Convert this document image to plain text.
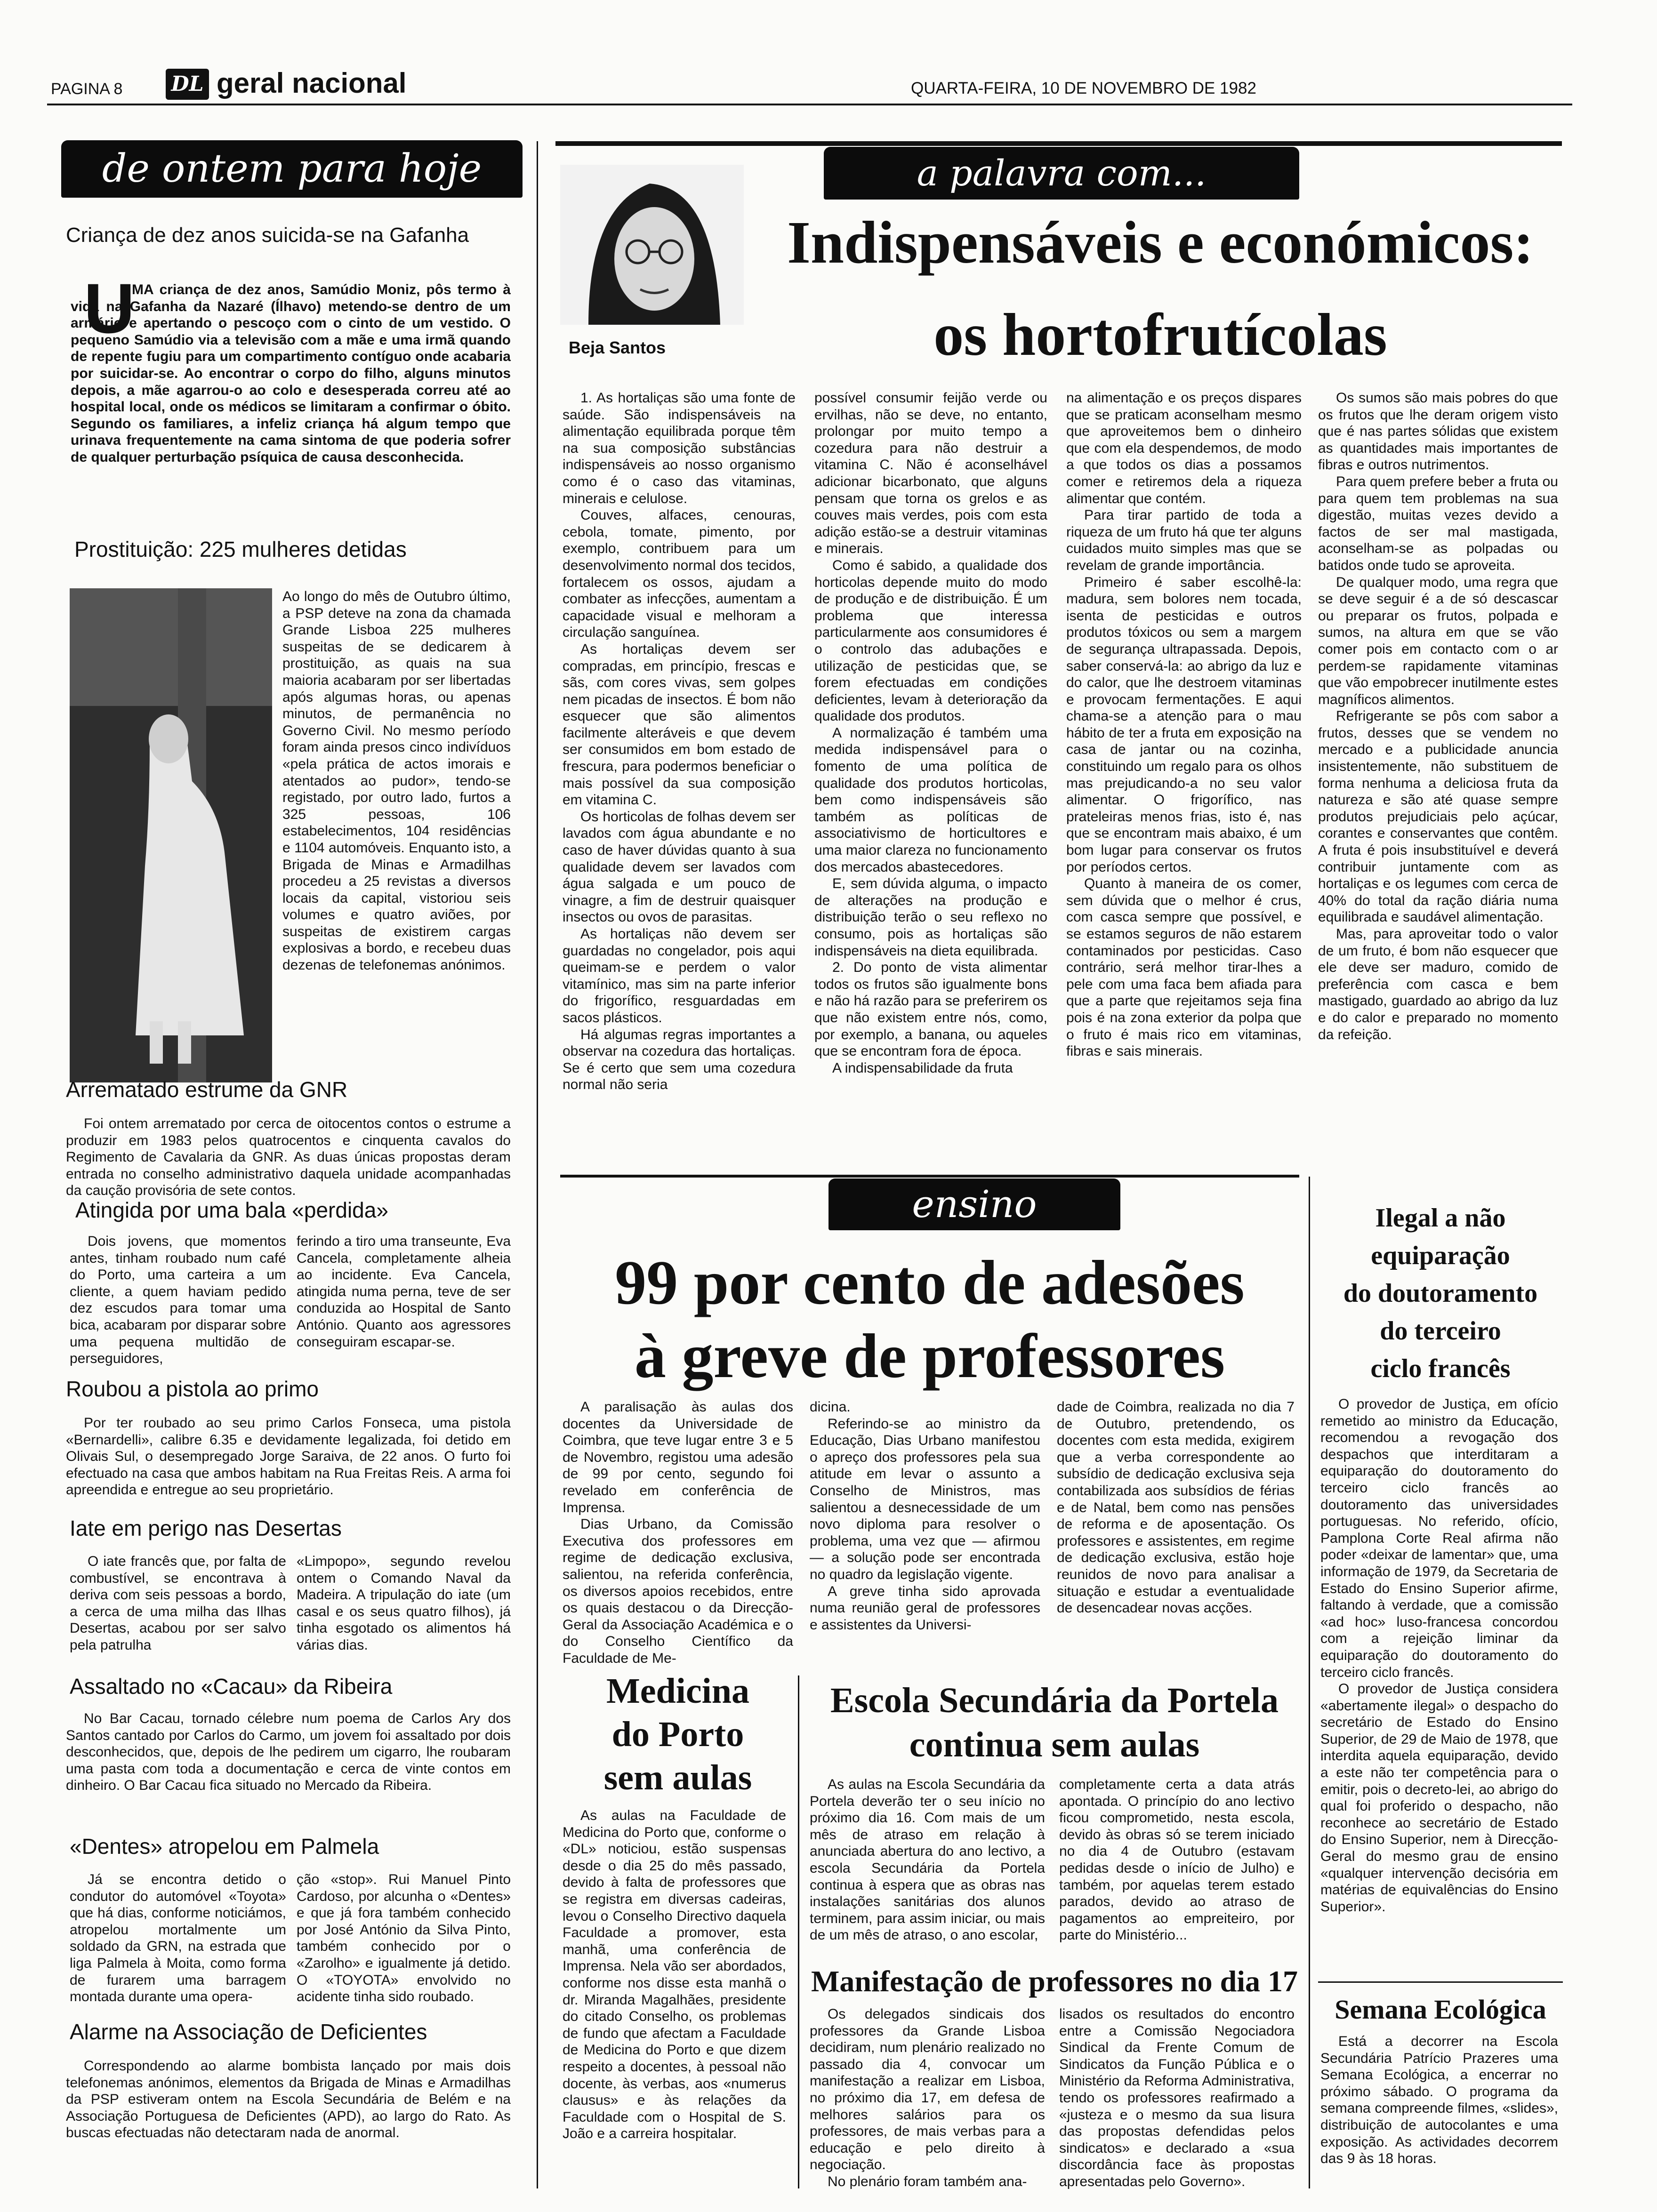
PAGINA 8 DL geral nacional	QUARTA-FEIRA, 10 DE NOVEMBRO DE 1982
de ontem para hoje
Criança de dez anos suicida-se na Gafanha
U
MA criança de dez anos, Samúdio Moniz, pôs termo à vida na Gafanha da Nazaré (Ílhavo) metendo-se dentro de um armário e apertando o pescoço com o cinto de um vestido. O pequeno Samúdio via a televisão com a mãe e uma irmã quando de repente fugiu para um compartimento contíguo onde acabaria por suicidar-se. Ao encontrar o corpo do filho, alguns minutos depois, a mãe agarrou-o ao colo e desesperada correu até ao hospital local, onde os médicos se limitaram a confirmar o óbito. Segundo os familiares, a infeliz criança há algum tempo que urinava frequentemente na cama sintoma de que poderia sofrer de qualquer perturbação psíquica de causa desconhecida.
Prostituição: 225 mulheres detidas

Ao longo do mês de Outubro último, a PSP deteve na zona da chamada Grande Lisboa 225 mulheres suspeitas de se dedicarem à prostituição, as quais na sua maioria acabaram por ser libertadas após algumas horas, ou apenas minutos, de permanência no Governo Civil. No mesmo período foram ainda presos cinco indivíduos «pela prática de actos imorais e atentados ao pudor», tendo-se registado, por outro lado, furtos a 325 pessoas, 106 estabelecimentos, 104 residências e 1104 automóveis. Enquanto isto, a Brigada de Minas e Armadilhas procedeu a 25 revistas a diversos locais da capital, vistoriou seis volumes e quatro aviões, por suspeitas de existirem cargas explosivas a bordo, e recebeu duas dezenas de telefonemas anónimos.

Arrematado estrume da GNR

Foi ontem arrematado por cerca de oitocentos contos o estrume a produzir em 1983 pelos quatrocentos e cinquenta cavalos do Regimento de Cavalaria da GNR. As duas únicas propostas deram entrada no conselho administrativo daquela unidade acompanhadas da caução provisória de sete contos.

Atingida por uma bala «perdida»

Dois jovens, que momentos antes, tinham roubado num café do Porto, uma carteira a um cliente, a quem haviam pedido dez escudos para tomar uma bica, acabaram por disparar sobre uma pequena multidão de perseguidores,

ferindo a tiro uma transeunte, Eva Cancela, completamente alheia ao incidente. Eva Cancela, atingida numa perna, teve de ser conduzida ao Hospital de Santo António. Quanto aos agressores conseguiram escapar-se.

Roubou a pistola ao primo

Por ter roubado ao seu primo Carlos Fonseca, uma pistola «Bernardelli», calibre 6.35 e devidamente legalizada, foi detido em Olivais Sul, o desempregado Jorge Saraiva, de 22 anos. O furto foi efectuado na casa que ambos habitam na Rua Freitas Reis. A arma foi apreendida e entregue ao seu proprietário.

Iate em perigo nas Desertas

O iate francês que, por falta de combustível, se encontrava à deriva com seis pessoas a bordo, a cerca de uma milha das Ilhas Desertas, acabou por ser salvo pela patrulha

«Limpopo», segundo revelou ontem o Comando Naval da Madeira. A tripulação do iate (um casal e os seus quatro filhos), já tinha esgotado os alimentos há várias dias.

Assaltado no «Cacau» da Ribeira

No Bar Cacau, tornado célebre num poema de Carlos Ary dos Santos cantado por Carlos do Carmo, um jovem foi assaltado por dois desconhecidos, que, depois de lhe pedirem um cigarro, lhe roubaram uma pasta com toda a documentação e cerca de vinte contos em dinheiro. O Bar Cacau fica situado no Mercado da Ribeira.

«Dentes» atropelou em Palmela

Já se encontra detido o condutor do automóvel «Toyota» que há dias, conforme noticiámos, atropelou mortalmente um soldado da GRN, na estrada que liga Palmela à Moita, como forma de furarem uma barragem montada durante uma opera-

ção «stop». Rui Manuel Pinto Cardoso, por alcunha o «Dentes» e que já fora também conhecido por José António da Silva Pinto, também conhecido por o «Zarolho» e igualmente já detido. O «TOYOTA» envolvido no acidente tinha sido roubado.

Alarme na Associação de Deficientes

Correspondendo ao alarme bombista lançado por mais dois telefonemas anónimos, elementos da Brigada de Minas e Armadilhas da PSP estiveram ontem na Escola Secundária de Belém e na Associação Portuguesa de Deficientes (APD), ao largo do Rato. As buscas efectuadas não detectaram nada de anormal.

a palavra com...
Beja Santos
Indispensáveis e económicos:
os hortofrutícolas

1. As hortaliças são uma fonte de saúde. São indispensáveis na alimentação equilibrada porque têm na sua composição substâncias indispensáveis ao nosso organismo como é o caso das vitaminas, minerais e celulose.

Couves, alfaces, cenouras, cebola, tomate, pimento, por exemplo, contribuem para um desenvolvimento normal dos tecidos, fortalecem os ossos, ajudam a combater as infecções, aumentam a capacidade visual e melhoram a circulação sanguínea.

As hortaliças devem ser compradas, em princípio, frescas e sãs, com cores vivas, sem golpes nem picadas de insectos. É bom não esquecer que são alimentos facilmente alteráveis e que devem ser consumidos em bom estado de frescura, para podermos beneficiar o mais possível da sua composição em vitamina C.

Os horticolas de folhas devem ser lavados com água abundante e no caso de haver dúvidas quanto à sua qualidade devem ser lavados com água salgada e um pouco de vinagre, a fim de destruir quaisquer insectos ou ovos de parasitas.

As hortaliças não devem ser guardadas no congelador, pois aqui queimam-se e perdem o valor vitamínico, mas sim na parte inferior do frigorífico, resguardadas em sacos plásticos.

Há algumas regras importantes a observar na cozedura das hortaliças. Se é certo que sem uma cozedura normal não seria

possível consumir feijão verde ou ervilhas, não se deve, no entanto, prolongar por muito tempo a cozedura para não destruir a vitamina C. Não é aconselhável adicionar bicarbonato, que alguns pensam que torna os grelos e as couves mais verdes, pois com esta adição estão-se a destruir vitaminas e minerais.

Como é sabido, a qualidade dos horticolas depende muito do modo de produção e de distribuição. É um problema que interessa particularmente aos consumidores é o controlo das adubações e utilização de pesticidas que, se forem efectuadas em condições deficientes, levam à deterioração da qualidade dos produtos.

A normalização é também uma medida indispensável para o fomento de uma política de qualidade dos produtos horticolas, bem como indispensáveis são também as políticas de associativismo de horticultores e uma maior clareza no funcionamento dos mercados abastecedores.

E, sem dúvida alguma, o impacto de alterações na produção e distribuição terão o seu reflexo no consumo, pois as hortaliças são indispensáveis na dieta equilibrada.

2. Do ponto de vista alimentar todos os frutos são igualmente bons e não há razão para se preferirem os que não existem entre nós, como, por exemplo, a banana, ou aqueles que se encontram fora de época.

A indispensabilidade da fruta

na alimentação e os preços dispares que se praticam aconselham mesmo que aproveitemos bem o dinheiro que com ela despendemos, de modo a que todos os dias a possamos comer e retiremos dela a riqueza alimentar que contém.

Para tirar partido de toda a riqueza de um fruto há que ter alguns cuidados muito simples mas que se revelam de grande importância.

Primeiro é saber escolhê-la: madura, sem bolores nem tocada, isenta de pesticidas e outros produtos tóxicos ou sem a margem de segurança ultrapassada. Depois, saber conservá-la: ao abrigo da luz e do calor, que lhe destroem vitaminas e provocam fermentações. E aqui chama-se a atenção para o mau hábito de ter a fruta em exposição na casa de jantar ou na cozinha, constituindo um regalo para os olhos mas prejudicando-a no seu valor alimentar. O frigorífico, nas prateleiras menos frias, isto é, nas que se encontram mais abaixo, é um bom lugar para conservar os frutos por períodos certos.

Quanto à maneira de os comer, sem dúvida que o melhor é crus, com casca sempre que possível, e se estamos seguros de não estarem contaminados por pesticidas. Caso contrário, será melhor tirar-lhes a pele com uma faca bem afiada para que a parte que rejeitamos seja fina pois é na zona exterior da polpa que o fruto é mais rico em vitaminas, fibras e sais minerais.

Os sumos são mais pobres do que os frutos que lhe deram origem visto que é nas partes sólidas que existem as quantidades mais importantes de fibras e outros nutrimentos.

Para quem prefere beber a fruta ou para quem tem problemas na sua digestão, muitas vezes devido a factos de ser mal mastigada, aconselham-se as polpadas ou batidos onde tudo se aproveita.

De qualquer modo, uma regra que se deve seguir é a de só descascar ou preparar os frutos, polpada e sumos, na altura em que se vão comer pois em contacto com o ar perdem-se rapidamente vitaminas que vão empobrecer inutilmente estes magníficos alimentos.

Refrigerante se pôs com sabor a frutos, desses que se vendem no mercado e a publicidade anuncia insistentemente, não substituem de forma nenhuma a deliciosa fruta da natureza e são até quase sempre produtos prejudiciais pelo açúcar, corantes e conservantes que contêm. A fruta é pois insubstituível e deverá contribuir juntamente com as hortaliças e os legumes com cerca de 40% do total da ração diária numa equilibrada e saudável alimentação.

Mas, para aproveitar todo o valor de um fruto, é bom não esquecer que ele deve ser maduro, comido de preferência com casca e bem mastigado, guardado ao abrigo da luz e do calor e preparado no momento da refeição.

ensino
99 por cento de adesões
à greve de professores

A paralisação às aulas dos docentes da Universidade de Coimbra, que teve lugar entre 3 e 5 de Novembro, registou uma adesão de 99 por cento, segundo foi revelado em conferência de Imprensa.

Dias Urbano, da Comissão Executiva dos professores em regime de dedicação exclusiva, salientou, na referida conferência, os diversos apoios recebidos, entre os quais destacou o da Direcção-Geral da Associação Académica e o do Conselho Científico da Faculdade de Me-

dicina.

Referindo-se ao ministro da Educação, Dias Urbano manifestou o apreço dos professores pela sua atitude em levar o assunto a Conselho de Ministros, mas salientou a desnecessidade de um novo diploma para resolver o problema, uma vez que — afirmou — a solução pode ser encontrada no quadro da legislação vigente.

A greve tinha sido aprovada numa reunião geral de professores e assistentes da Universi-

dade de Coimbra, realizada no dia 7 de Outubro, pretendendo, os docentes com esta medida, exigirem que a verba correspondente ao subsídio de dedicação exclusiva seja contabilizada aos subsídios de férias e de Natal, bem como nas pensões de reforma e de aposentação. Os professores e assistentes, em regime de dedicação exclusiva, estão hoje reunidos de novo para analisar a situação e estudar a eventualidade de desencadear novas acções.

Medicina
do Porto
sem aulas

As aulas na Faculdade de Medicina do Porto que, conforme o «DL» noticiou, estão suspensas desde o dia 25 do mês passado, devido à falta de professores que se registra em diversas cadeiras, levou o Conselho Directivo daquela Faculdade a promover, esta manhã, uma conferência de Imprensa. Nela vão ser abordados, conforme nos disse esta manhã o dr. Miranda Magalhães, presidente do citado Conselho, os problemas de fundo que afectam a Faculdade de Medicina do Porto e que dizem respeito a docentes, à pessoal não docente, às verbas, aos «numerus clausus» e às relações da Faculdade com o Hospital de S. João e a carreira hospitalar.

Escola Secundária da Portela
continua sem aulas

As aulas na Escola Secundária da Portela deverão ter o seu início no próximo dia 16. Com mais de um mês de atraso em relação à anunciada abertura do ano lectivo, a escola Secundária da Portela continua à espera que as obras nas instalações sanitárias dos alunos terminem, para assim iniciar, ou mais de um mês de atraso, o ano escolar,

completamente certa a data atrás apontada. O princípio do ano lectivo ficou comprometido, nesta escola, devido às obras só se terem iniciado no dia 4 de Outubro (estavam pedidas desde o início de Julho) e também, por aquelas terem estado parados, devido ao atraso de pagamentos ao empreiteiro, por parte do Ministério...

Manifestação de professores no dia 17

Os delegados sindicais dos professores da Grande Lisboa decidiram, num plenário realizado no passado dia 4, convocar um manifestação a realizar em Lisboa, no próximo dia 17, em defesa de melhores salários para os professores, de mais verbas para a educação e pelo direito à negociação.

No plenário foram também ana-

lisados os resultados do encontro entre a Comissão Negociadora Sindical da Frente Comum de Sindicatos da Função Pública e o Ministério da Reforma Administrativa, tendo os professores reafirmado a «justeza e o mesmo da sua lisura das propostas defendidas pelos sindicatos» e declarado a «sua discordância face às propostas apresentadas pelo Governo».

Ilegal a não
equiparação
do doutoramento
do terceiro
ciclo francês

O provedor de Justiça, em ofício remetido ao ministro da Educação, recomendou a revogação dos despachos que interditaram a equiparação do doutoramento do terceiro ciclo francês ao doutoramento das universidades portuguesas. No referido, ofício, Pamplona Corte Real afirma não poder «deixar de lamentar» que, uma informação de 1979, da Secretaria de Estado do Ensino Superior afirme, faltando à verdade, que a comissão «ad hoc» luso-francesa concordou com a rejeição liminar da equiparação do doutoramento do terceiro ciclo francês.

O provedor de Justiça considera «abertamente ilegal» o despacho do secretário de Estado do Ensino Superior, de 29 de Maio de 1978, que interdita aquela equiparação, devido a este não ter competência para o emitir, pois o decreto-lei, ao abrigo do qual foi proferido o despacho, não reconhece ao secretário de Estado do Ensino Superior, nem à Direcção-Geral do mesmo grau de ensino «qualquer intervenção decisória em matérias de equivalências do Ensino Superior».

Semana Ecológica

Está a decorrer na Escola Secundária Patrício Prazeres uma Semana Ecológica, a encerrar no próximo sábado. O programa da semana compreende filmes, «slides», distribuição de autocolantes e uma exposição. As actividades decorrem das 9 às 18 horas.
